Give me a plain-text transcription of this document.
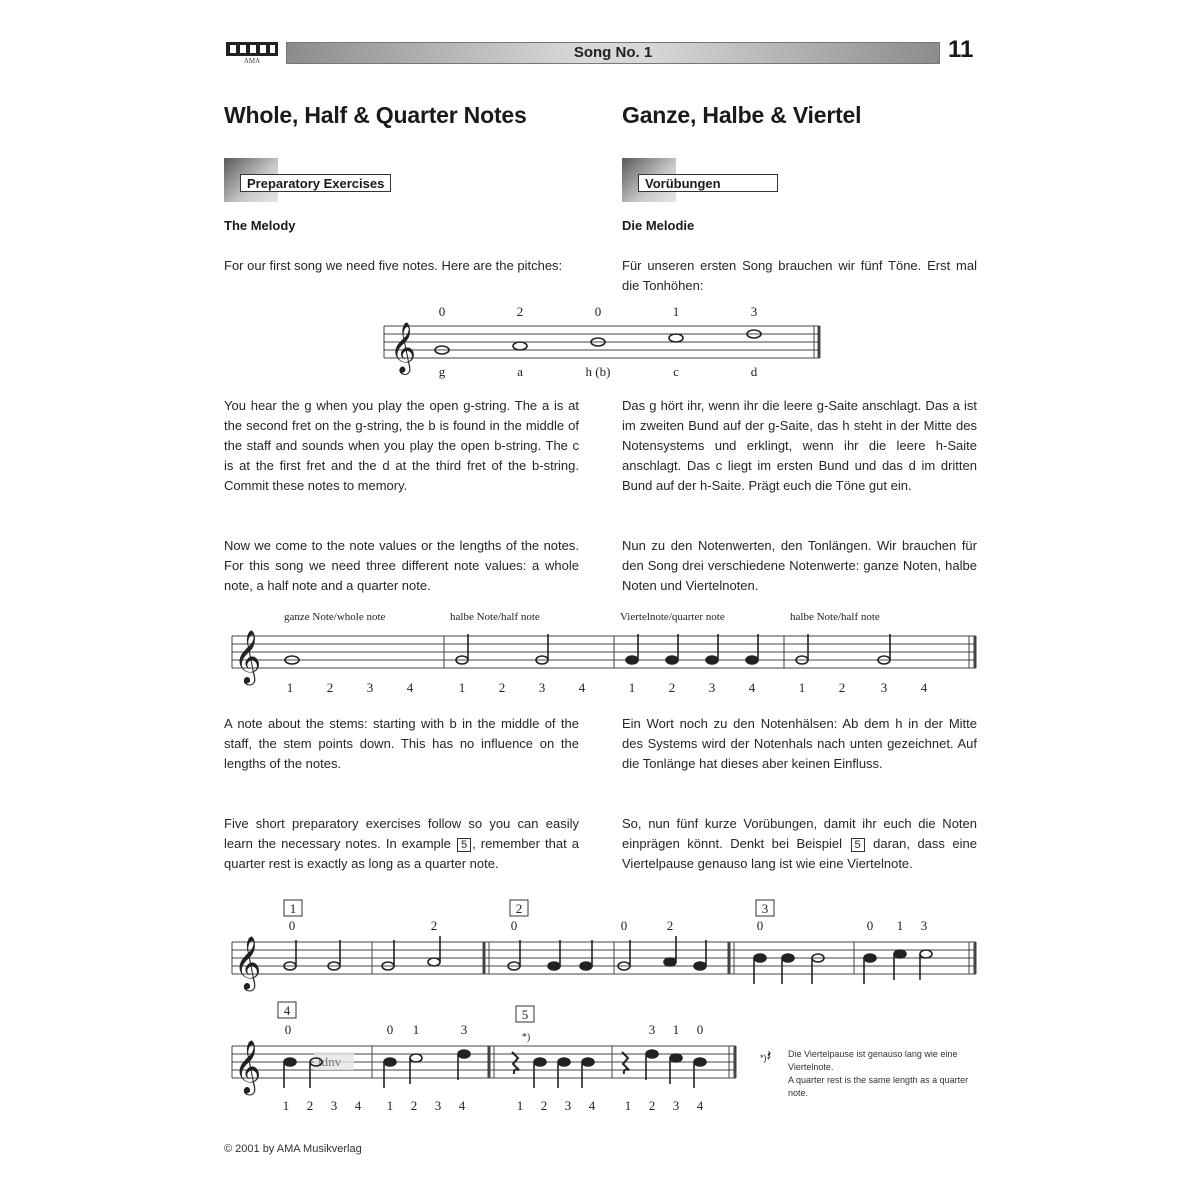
AMA	Song No. 1	11
Whole, Half & Quarter Notes	Ganze, Halbe & Viertel
Preparatory Exercises	Vorübungen
The Melody	Die Melodie
For our first song we need five notes. Here are the pitches:	Für unseren ersten Song brauchen wir fünf Töne. Erst mal die Tonhöhen:
𝄞
0	2	0	1	3
g	a	h (b)	c	d
You hear the g when you play the open g-string. The a is at the second fret on the g-string, the b is found in the middle of the staff and sounds when you play the open b-string. The c is at the first fret and the d at the third fret of the b-string. Commit these notes to memory.
Das g hört ihr, wenn ihr die leere g-Saite anschlagt. Das a ist im zweiten Bund auf der g-Saite, das h steht in der Mitte des Notensystems und erklingt, wenn ihr die leere h-Saite anschlagt. Das c liegt im ersten Bund und das d im dritten Bund auf der h-Saite. Prägt euch die Töne gut ein.
Now we come to the note values or the lengths of the notes. For this song we need three different note values: a whole note, a half note and a quarter note.
Nun zu den Notenwerten, den Tonlängen. Wir brauchen für den Song drei verschiedene Notenwerte: ganze Noten, halbe Noten und Viertelnoten.
𝄞
ganze Note/whole note	halbe Note/half note	Viertelnote/quarter note	halbe Note/half note
1	2	3	4	1	2	3	4	1	2	3	4	1	2	3	4
A note about the stems: starting with b in the middle of the staff, the stem points down. This has no influence on the lengths of the notes.
Ein Wort noch zu den Notenhälsen: Ab dem h in der Mitte des Systems wird der Notenhals nach unten gezeichnet. Auf die Tonlänge hat dieses aber keinen Einfluss.
Five short preparatory exercises follow so you can easily learn the necessary notes. In example 5 , remember that a quarter rest is exactly as long as a quarter note.
So, nun fünf kurze Vorübungen, damit ihr euch die Noten einprägen könnt. Denkt bei Beispiel 5 daran, dass eine Viertelpause genauso lang ist wie eine Viertelnote.
𝄞
1	2	3
0	2	0	0	2	0	0 1 3
𝄞	idnv
4	5
0	0 1	3	3 1 0
*)
1 2 3 4 1 2 3 4	1 2 3 4 1 2 3 4
*)𝄽 Die Viertelpause ist genauso lang wie eine Viertelnote.
A quarter rest is the same length as a quarter note.
© 2001 by AMA Musikverlag
